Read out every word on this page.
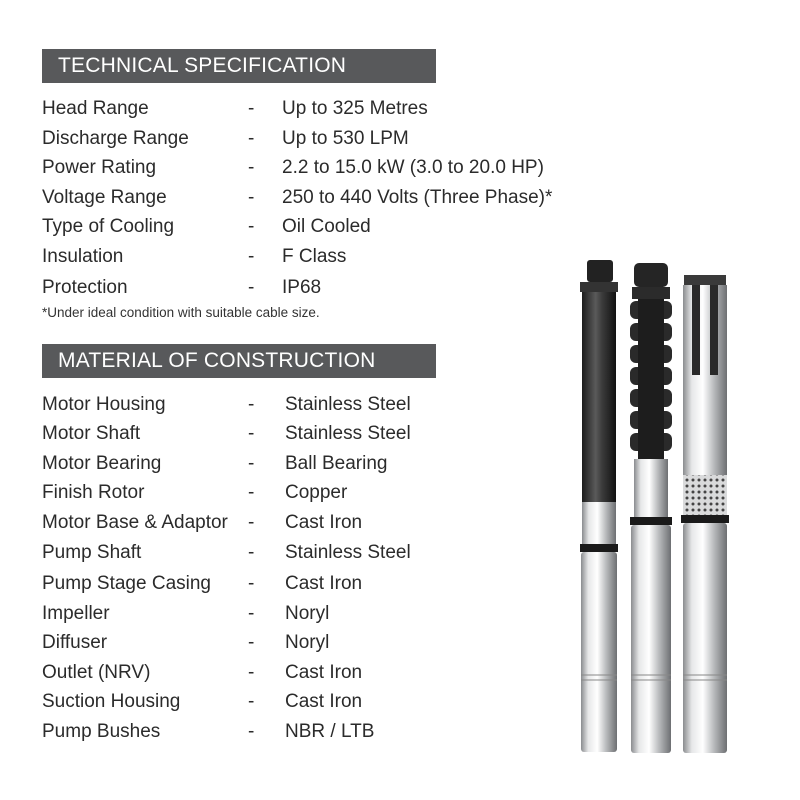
TECHNICAL SPECIFICATION
Head Range	- Up to 325 Metres
Discharge Range	- Up to 530 LPM
Power Rating	- 2.2 to 15.0 kW (3.0 to 20.0 HP)
Voltage Range	- 250 to 440 Volts (Three Phase)*
Type of Cooling	- Oil Cooled
Insulation	- F Class
Protection	- IP68
*Under ideal condition with suitable cable size.
MATERIAL OF CONSTRUCTION
Motor Housing	- Stainless Steel
Motor Shaft	- Stainless Steel
Motor Bearing	- Ball Bearing
Finish Rotor	- Copper
Motor Base & Adaptor - Cast Iron
Pump Shaft	- Stainless Steel
Pump Stage Casing - Cast Iron
Impeller	- Noryl
Diffuser	- Noryl
Outlet (NRV)	- Cast Iron
Suction Housing	- Cast Iron
Pump Bushes	- NBR / LTB
